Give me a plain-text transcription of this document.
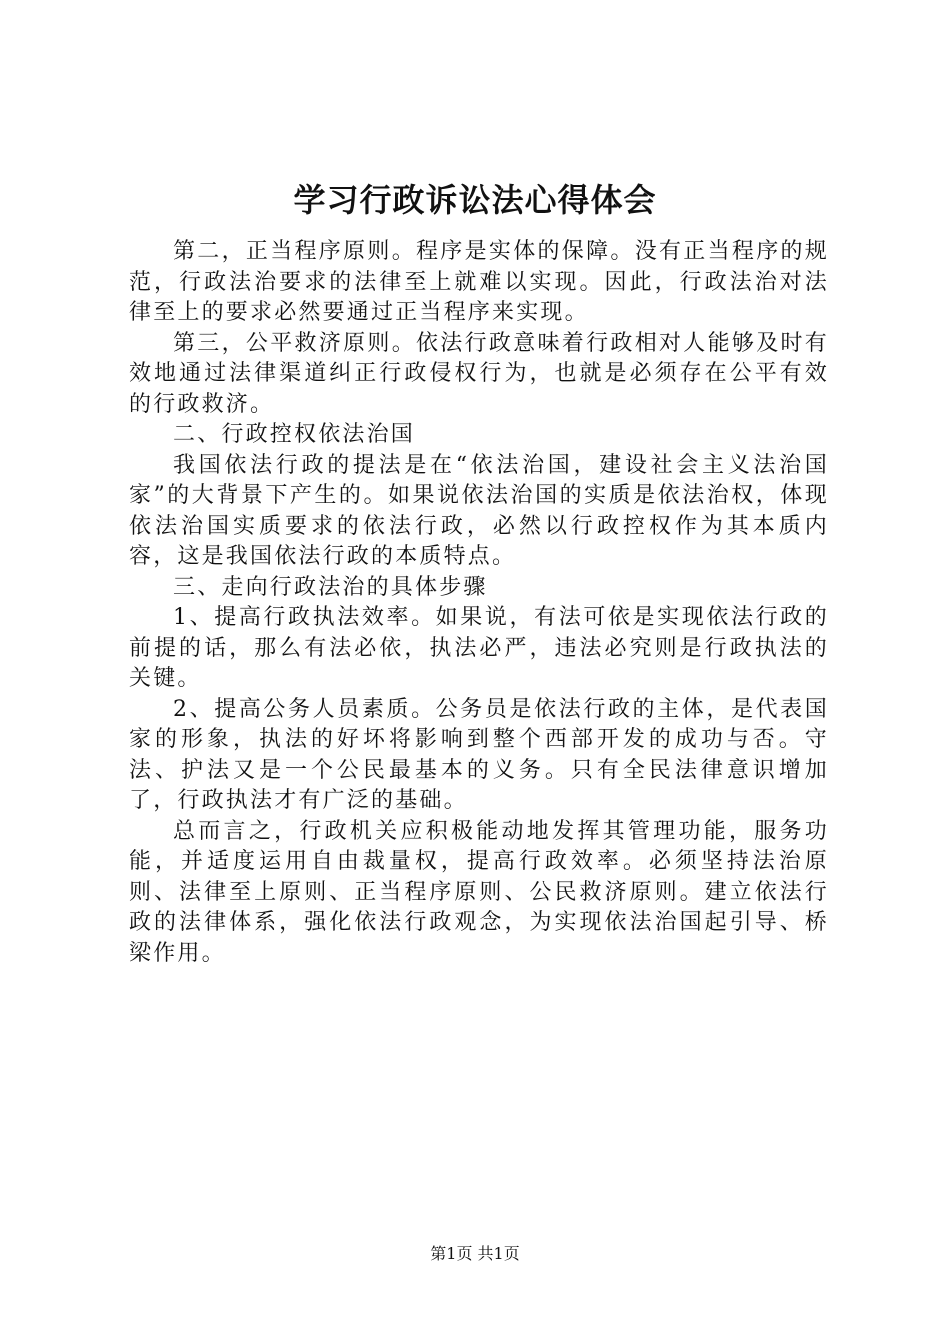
学习行政诉讼法心得体会

第二，正当程序原则。程序是实体的保障。没有正当程序的规范，行政法治要求的法律至上就难以实现。因此，行政法治对法律至上的要求必然要通过正当程序来实现。

第三，公平救济原则。依法行政意味着行政相对人能够及时有效地通过法律渠道纠正行政侵权行为，也就是必须存在公平有效的行政救济。

二、行政控权依法治国

我国依法行政的提法是在“依法治国，建设社会主义法治国家”的大背景下产生的。如果说依法治国的实质是依法治权，体现依法治国实质要求的依法行政，必然以行政控权作为其本质内容，这是我国依法行政的本质特点。

三、走向行政法治的具体步骤

1、提高行政执法效率。如果说，有法可依是实现依法行政的前提的话，那么有法必依，执法必严，违法必究则是行政执法的关键。

2、提高公务人员素质。公务员是依法行政的主体，是代表国家的形象，执法的好坏将影响到整个西部开发的成功与否。守法、护法又是一个公民最基本的义务。只有全民法律意识增加了，行政执法才有广泛的基础。

总而言之，行政机关应积极能动地发挥其管理功能，服务功能，并适度运用自由裁量权，提高行政效率。必须坚持法治原则、法律至上原则、正当程序原则、公民救济原则。建立依法行政的法律体系，强化依法行政观念，为实现依法治国起引导、桥梁作用。

第1页 共1页
